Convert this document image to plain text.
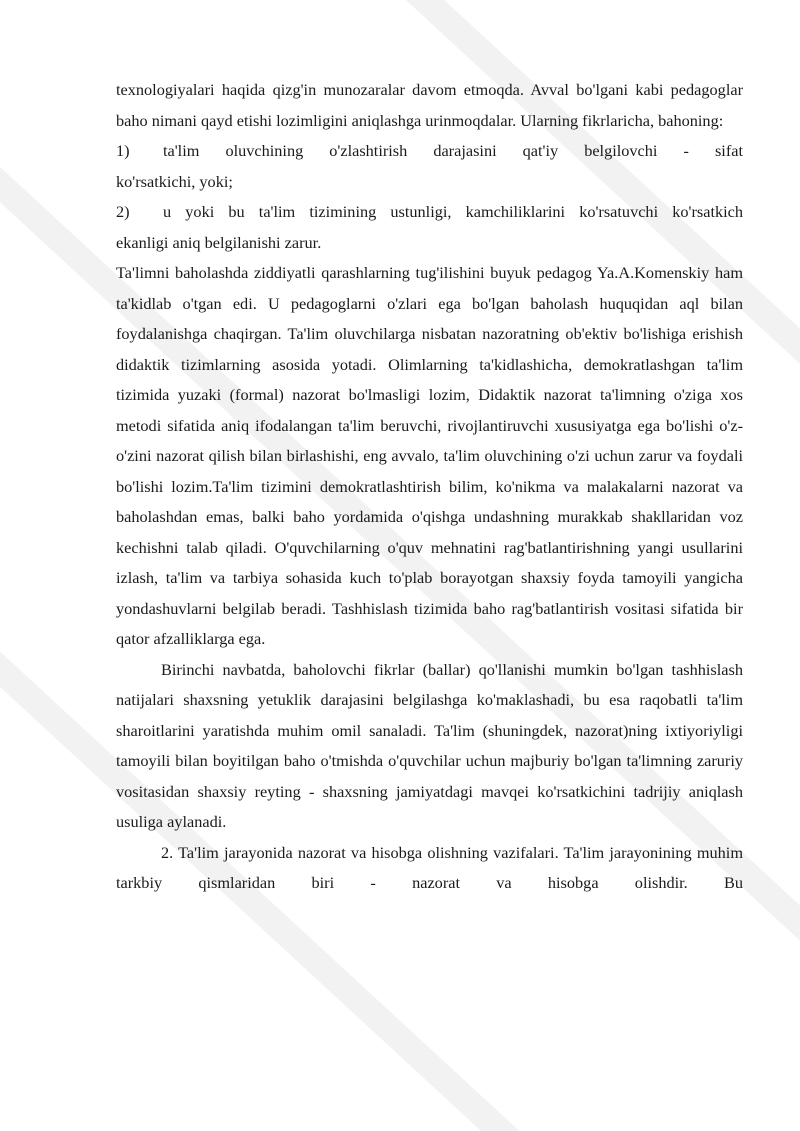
texnologiyalari haqida qizg'in munozaralar davom etmoqda. Avval bo'lgani kabi pedagoglar baho nimani qayd etishi lozimligini aniqlashga urinmoqdalar. Ularning fikrlaricha, bahoning:

1)	ta'lim oluvchining o'zlashtirish darajasini qat'iy belgilovchi - sifat
ko'rsatkichi, yoki;
2)	u yoki bu ta'lim tizimining ustunligi, kamchiliklarini ko'rsatuvchi ko'rsatkich
ekanligi aniq belgilanishi zarur.

Ta'limni baholashda ziddiyatli qarashlarning tug'ilishini buyuk pedagog Ya.A.Komenskiy ham ta'kidlab o'tgan edi. U pedagoglarni o'zlari ega bo'lgan baholash huquqidan aql bilan foydalanishga chaqirgan. Ta'lim oluvchilarga nisbatan nazoratning ob'ektiv bo'lishiga erishish didaktik tizimlarning asosida yotadi. Olimlarning ta'kidlashicha, demokratlashgan ta'lim tizimida yuzaki (formal) nazorat bo'lmasligi lozim, Didaktik nazorat ta'limning o'ziga xos metodi sifatida aniq ifodalangan ta'lim beruvchi, rivojlantiruvchi xususiyatga ega bo'lishi o'z-o'zini nazorat qilish bilan birlashishi, eng avvalo, ta'lim oluvchining o'zi uchun zarur va foydali bo'lishi lozim.Ta'lim tizimini demokratlashtirish bilim, ko'nikma va malakalarni nazorat va baholashdan emas, balki baho yordamida o'qishga undashning murakkab shakllaridan voz kechishni talab qiladi. O'quvchilarning o'quv mehnatini rag'batlantirishning yangi usullarini izlash, ta'lim va tarbiya sohasida kuch to'plab borayotgan shaxsiy foyda tamoyili yangicha yondashuvlarni belgilab beradi. Tashhislash tizimida baho rag'batlantirish vositasi sifatida bir qator afzalliklarga ega.

Birinchi navbatda, baholovchi fikrlar (ballar) qo'llanishi mumkin bo'lgan tashhislash natijalari shaxsning yetuklik darajasini belgilashga ko'maklashadi, bu esa raqobatli ta'lim sharoitlarini yaratishda muhim omil sanaladi. Ta'lim (shuningdek, nazorat)ning ixtiyoriyligi tamoyili bilan boyitilgan baho o'tmishda o'quvchilar uchun majburiy bo'lgan ta'limning zaruriy vositasidan shaxsiy reyting - shaxsning jamiyatdagi mavqei ko'rsatkichini tadrijiy aniqlash usuliga aylanadi.

2. Ta'lim jarayonida nazorat va hisobga olishning vazifalari. Ta'lim jarayonining muhim tarkbiy qismlaridan biri - nazorat va hisobga olishdir. Bu
